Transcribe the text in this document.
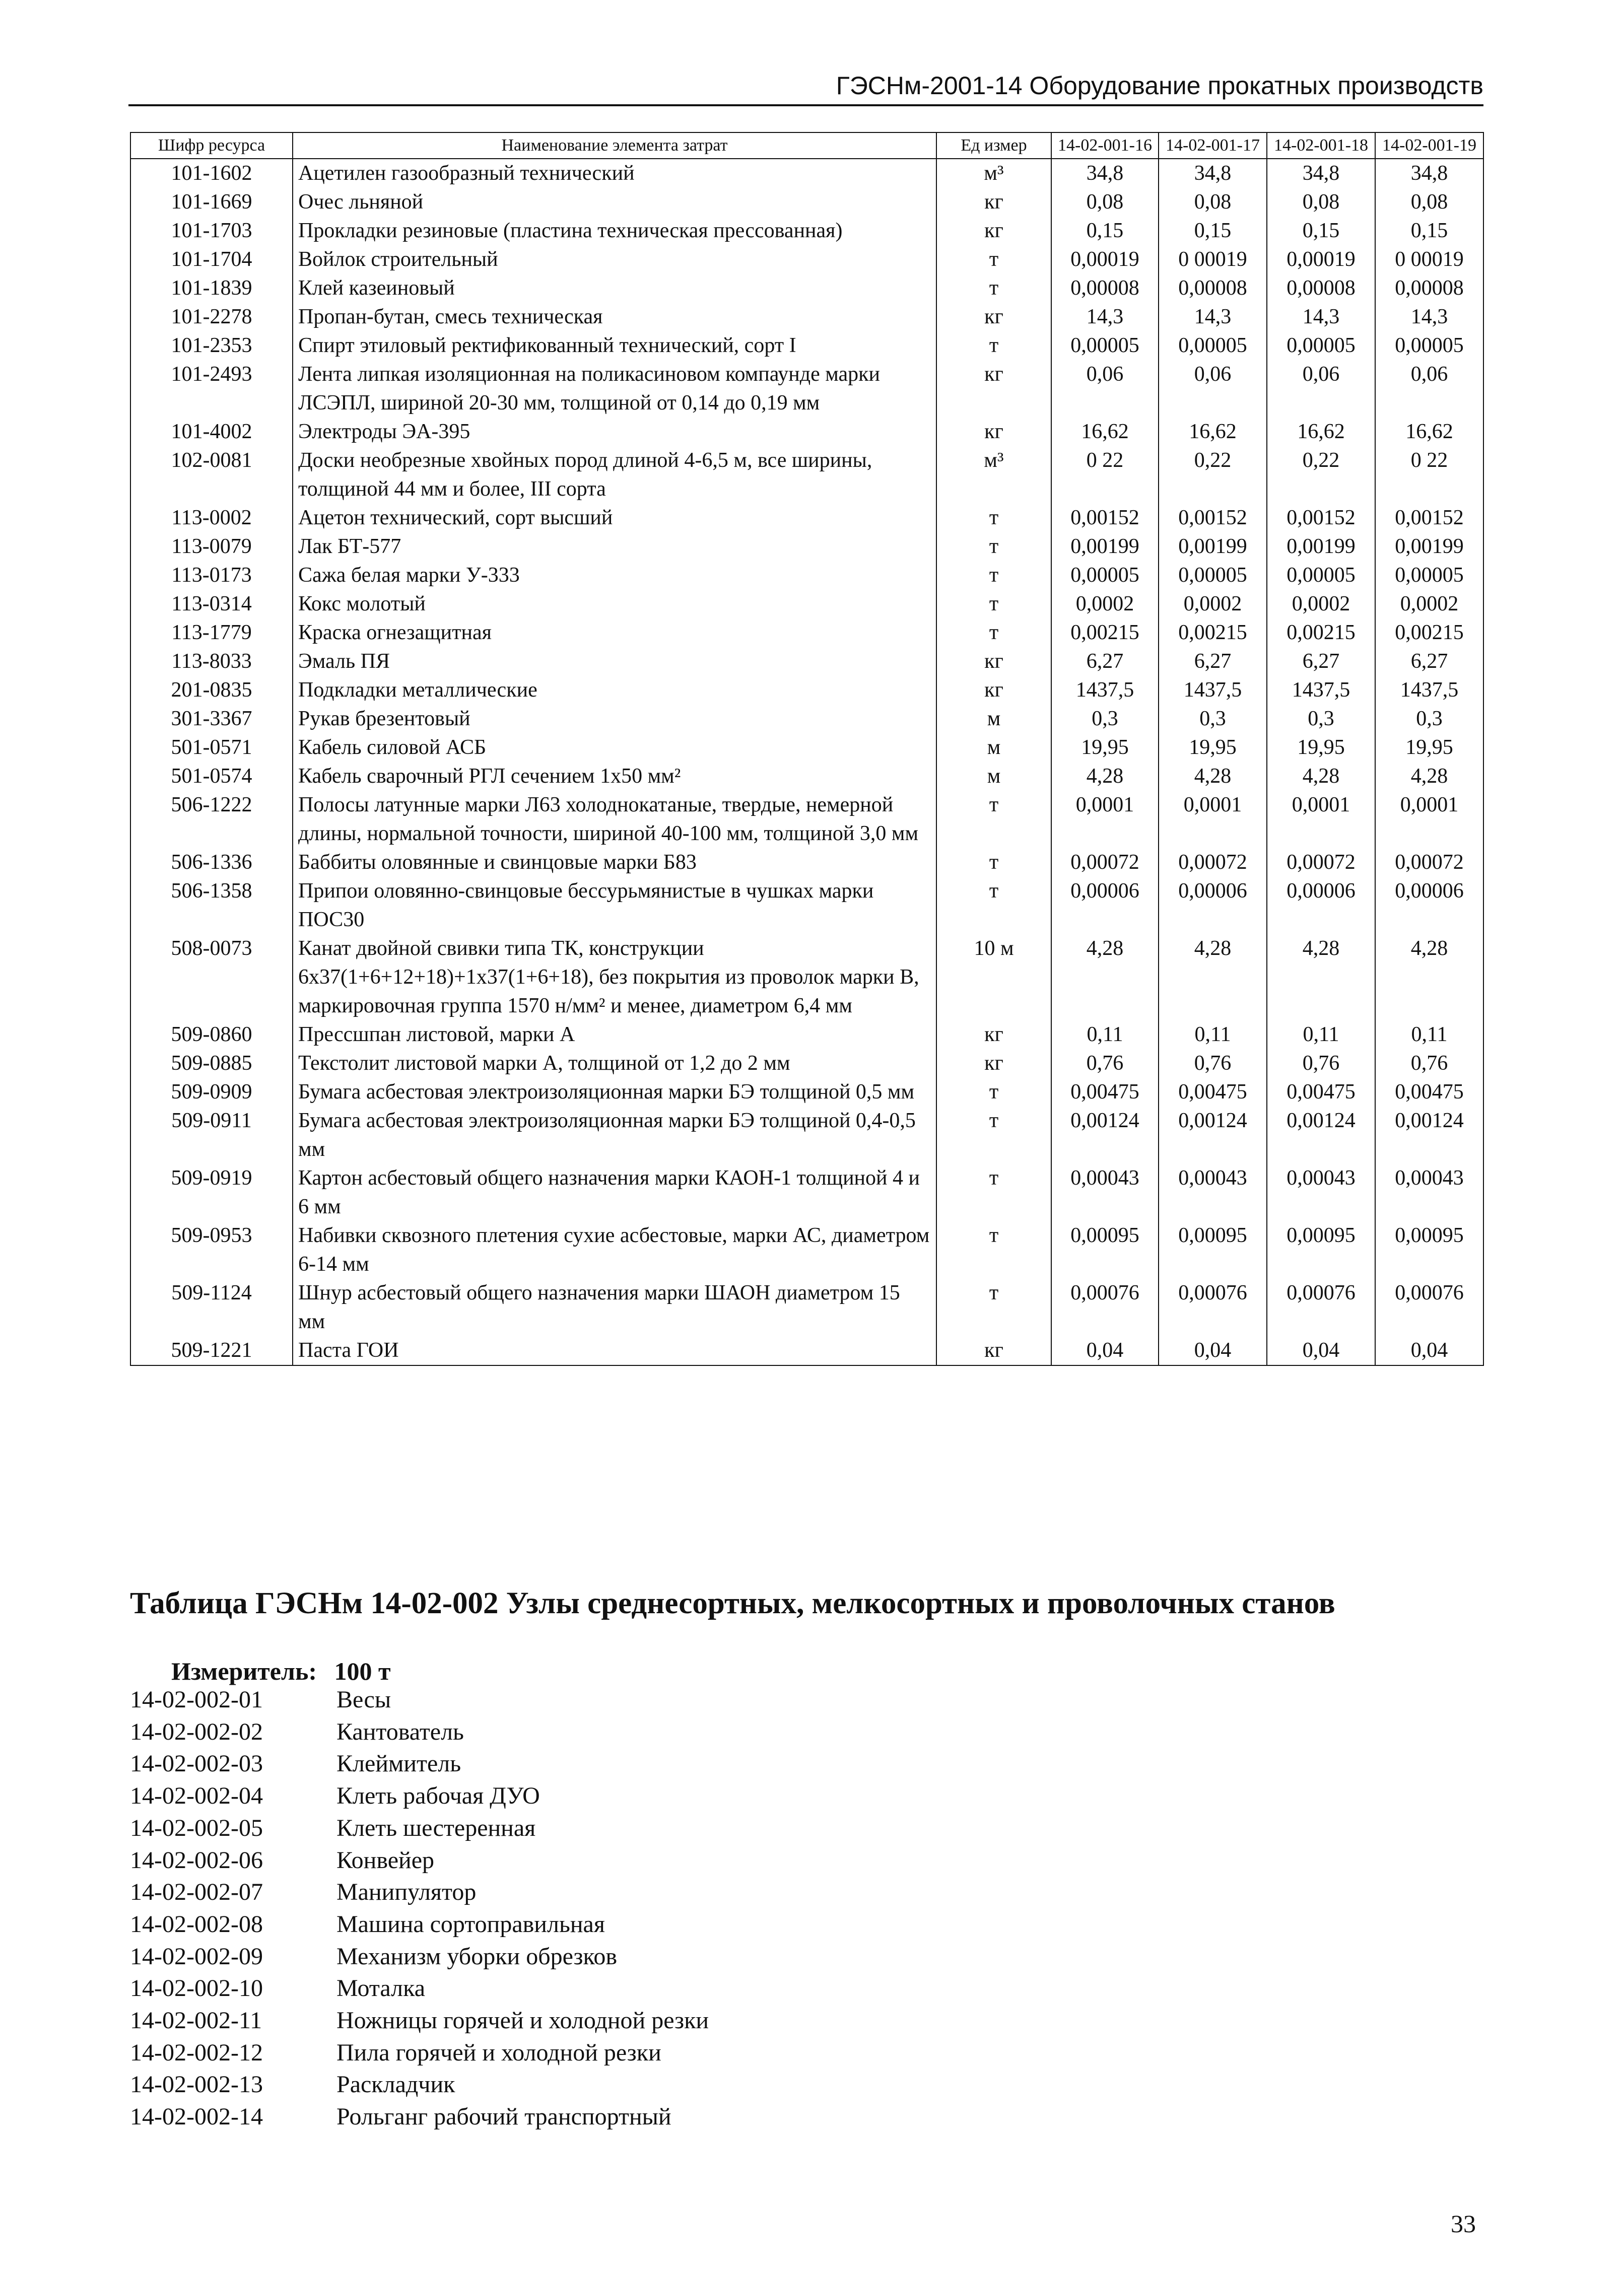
ГЭСНм-2001-14 Оборудование прокатных производств
Шифр ресурса	Наименование элемента затрат	Ед измер	14-02-001-16	14-02-001-17	14-02-001-18	14-02-001-19
101-1602	Ацетилен газообразный технический	м³	34,8	34,8	34,8	34,8
101-1669	Очес льняной	кг	0,08	0,08	0,08	0,08
101-1703	Прокладки резиновые (пластина техническая прессованная)	кг	0,15	0,15	0,15	0,15
101-1704	Войлок строительный	т	0,00019	0 00019	0,00019	0 00019
101-1839	Клей казеиновый	т	0,00008	0,00008	0,00008	0,00008
101-2278	Пропан-бутан, смесь техническая	кг	14,3	14,3	14,3	14,3
101-2353	Спирт этиловый ректификованный технический, сорт I	т	0,00005	0,00005	0,00005	0,00005
101-2493	Лента липкая изоляционная на поликасиновом компаунде марки ЛСЭПЛ, шириной 20-30 мм, толщиной от 0,14 до 0,19 мм	кг	0,06	0,06	0,06	0,06
101-4002	Электроды ЭА-395	кг	16,62	16,62	16,62	16,62
102-0081	Доски необрезные хвойных пород длиной 4-6,5 м, все ширины, толщиной 44 мм и более, III сорта	м³	0 22	0,22	0,22	0 22
113-0002	Ацетон технический, сорт высший	т	0,00152	0,00152	0,00152	0,00152
113-0079	Лак БТ-577	т	0,00199	0,00199	0,00199	0,00199
113-0173	Сажа белая марки У-333	т	0,00005	0,00005	0,00005	0,00005
113-0314	Кокс молотый	т	0,0002	0,0002	0,0002	0,0002
113-1779	Краска огнезащитная	т	0,00215	0,00215	0,00215	0,00215
113-8033	Эмаль ПЯ	кг	6,27	6,27	6,27	6,27
201-0835	Подкладки металлические	кг	1437,5	1437,5	1437,5	1437,5
301-3367	Рукав брезентовый	м	0,3	0,3	0,3	0,3
501-0571	Кабель силовой АСБ	м	19,95	19,95	19,95	19,95
501-0574	Кабель сварочный РГЛ сечением 1х50 мм²	м	4,28	4,28	4,28	4,28
506-1222	Полосы латунные марки Л63 холоднокатаные, твердые, немерной длины, нормальной точности, шириной 40-100 мм, толщиной 3,0 мм	т	0,0001	0,0001	0,0001	0,0001
506-1336	Баббиты оловянные и свинцовые марки Б83	т	0,00072	0,00072	0,00072	0,00072
506-1358	Припои оловянно-свинцовые бессурьмянистые в чушках марки ПОС30	т	0,00006	0,00006	0,00006	0,00006
508-0073	Канат двойной свивки типа ТК, конструкции 6х37(1+6+12+18)+1х37(1+6+18), без покрытия из проволок марки В, маркировочная группа 1570 н/мм² и менее, диаметром 6,4 мм	10 м	4,28	4,28	4,28	4,28
509-0860	Прессшпан листовой, марки А	кг	0,11	0,11	0,11	0,11
509-0885	Текстолит листовой марки А, толщиной от 1,2 до 2 мм	кг	0,76	0,76	0,76	0,76
509-0909	Бумага асбестовая электроизоляционная марки БЭ толщиной 0,5 мм	т	0,00475	0,00475	0,00475	0,00475
509-0911	Бумага асбестовая электроизоляционная марки БЭ толщиной 0,4-0,5 мм	т	0,00124	0,00124	0,00124	0,00124
509-0919	Картон асбестовый общего назначения марки КАОН-1 толщиной 4 и 6 мм	т	0,00043	0,00043	0,00043	0,00043
509-0953	Набивки сквозного плетения сухие асбестовые, марки АС, диаметром 6-14 мм	т	0,00095	0,00095	0,00095	0,00095
509-1124	Шнур асбестовый общего назначения марки ШАОН диаметром 15 мм	т	0,00076	0,00076	0,00076	0,00076
509-1221	Паста ГОИ	кг	0,04	0,04	0,04	0,04
Таблица ГЭСНм 14-02-002 Узлы среднесортных, мелкосортных и проволочных станов
Измеритель: 100 т
14-02-002-01	Весы
14-02-002-02	Кантователь
14-02-002-03	Клеймитель
14-02-002-04	Клеть рабочая ДУО
14-02-002-05	Клеть шестеренная
14-02-002-06	Конвейер
14-02-002-07	Манипулятор
14-02-002-08	Машина сортоправильная
14-02-002-09	Механизм уборки обрезков
14-02-002-10	Моталка
14-02-002-11	Ножницы горячей и холодной резки
14-02-002-12	Пила горячей и холодной резки
14-02-002-13	Раскладчик
14-02-002-14	Рольганг рабочий транспортный
33
